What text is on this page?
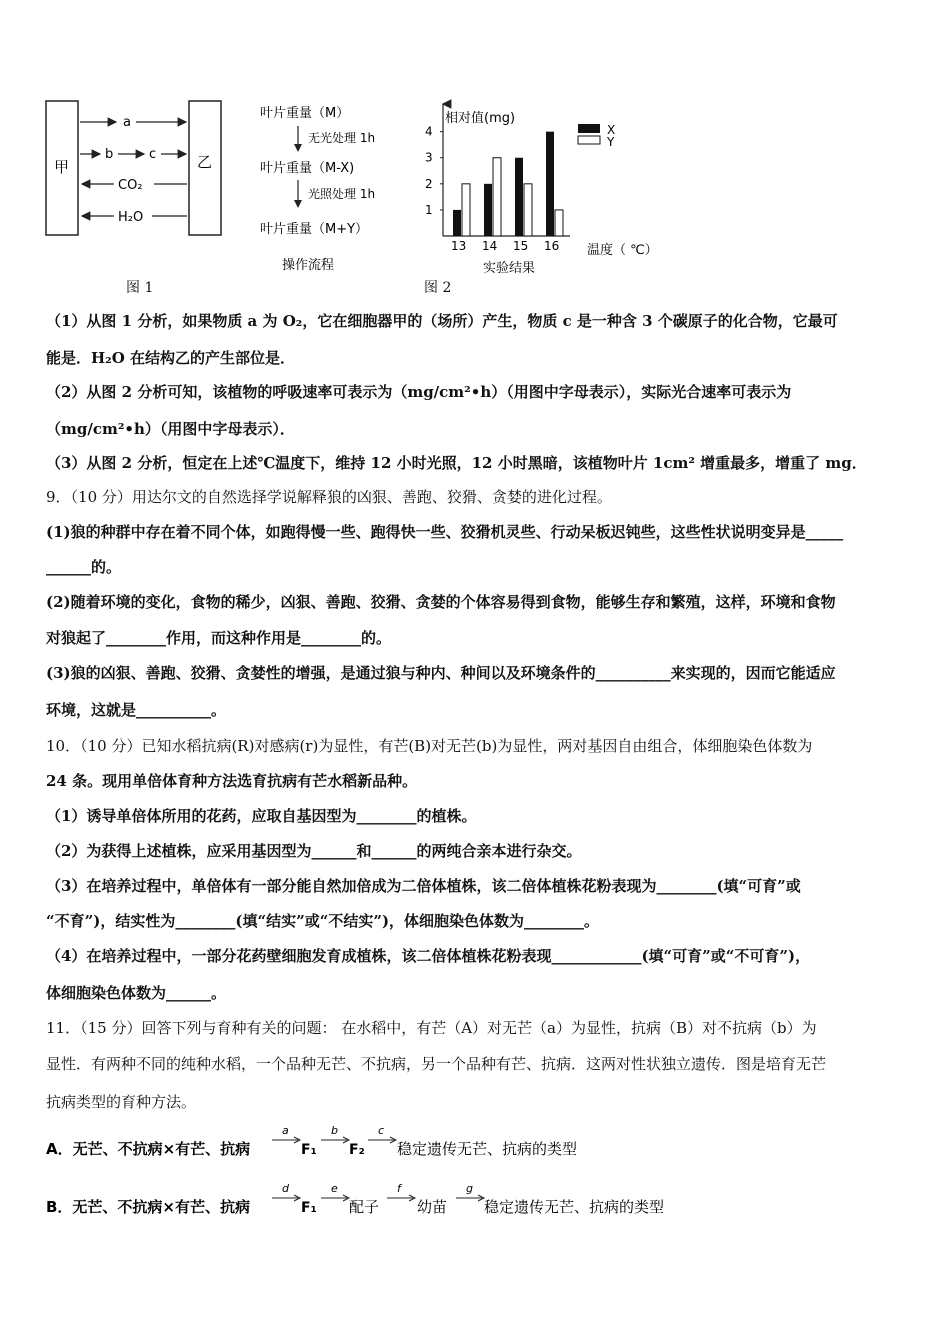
甲	乙
a
b	c
CO₂
H₂O
图 1
叶片重量（M）
无光处理 1h
叶片重量（M-X)
光照处理 1h
叶片重量（M+Y）
操作流程
相对值(mg)
1
2
3
4
13 14 15 16
X
Y
温度（ ℃）
实验结果
图 2
（1）从图 1 分析，如果物质 a 为 O₂，它在细胞器甲的（场所）产生，物质 c 是一种含 3 个碳原子的化合物，它最可
能是．H₂O 在结构乙的产生部位是．
（2）从图 2 分析可知，该植物的呼吸速率可表示为（mg/cm²•h）（用图中字母表示），实际光合速率可表示为
（mg/cm²•h）（用图中字母表示）．
（3）从图 2 分析，恒定在上述℃温度下，维持 12 小时光照，12 小时黑暗，该植物叶片 1cm² 增重最多，增重了 mg．
9．（10 分）用达尔文的自然选择学说解释狼的凶狠、善跑、狡猾、贪婪的进化过程。
(1)狼的种群中存在着不同个体，如跑得慢一些、跑得快一些、狡猾机灵些、行动呆板迟钝些，这些性状说明变异是_____
______的。
(2)随着环境的变化，食物的稀少，凶狠、善跑、狡猾、贪婪的个体容易得到食物，能够生存和繁殖，这样，环境和食物
对狼起了________作用，而这种作用是________的。
(3)狼的凶狠、善跑、狡猾、贪婪性的增强，是通过狼与种内、种间以及环境条件的__________来实现的，因而它能适应
环境，这就是__________。
10．（10 分）已知水稻抗病(R)对感病(r)为显性，有芒(B)对无芒(b)为显性，两对基因自由组合，体细胞染色体数为
24 条。现用单倍体育种方法选育抗病有芒水稻新品种。
（1）诱导单倍体所用的花药，应取自基因型为________的植株。
（2）为获得上述植株，应采用基因型为______和______的两纯合亲本进行杂交。
（3）在培养过程中，单倍体有一部分能自然加倍成为二倍体植株，该二倍体植株花粉表现为________(填“可育”或
“不育”)，结实性为________(填“结实”或“不结实”)，体细胞染色体数为________。
（4）在培养过程中，一部分花药壁细胞发育成植株，该二倍体植株花粉表现____________(填“可育”或“不可育”)，
体细胞染色体数为______。
11．（15 分）回答下列与育种有关的问题： 在水稻中，有芒（A）对无芒（a）为显性，抗病（B）对不抗病（b）为
显性．有两种不同的纯种水稻，一个品种无芒、不抗病，另一个品种有芒、抗病．这两对性状独立遗传．图是培育无芒
抗病类型的育种方法。
A．无芒、不抗病×有芒、抗病
a
F₁
b
F₂
c
稳定遗传无芒、抗病的类型
B．无芒、不抗病×有芒、抗病
d
F₁
e
配子
f
幼苗
g
稳定遗传无芒、抗病的类型
